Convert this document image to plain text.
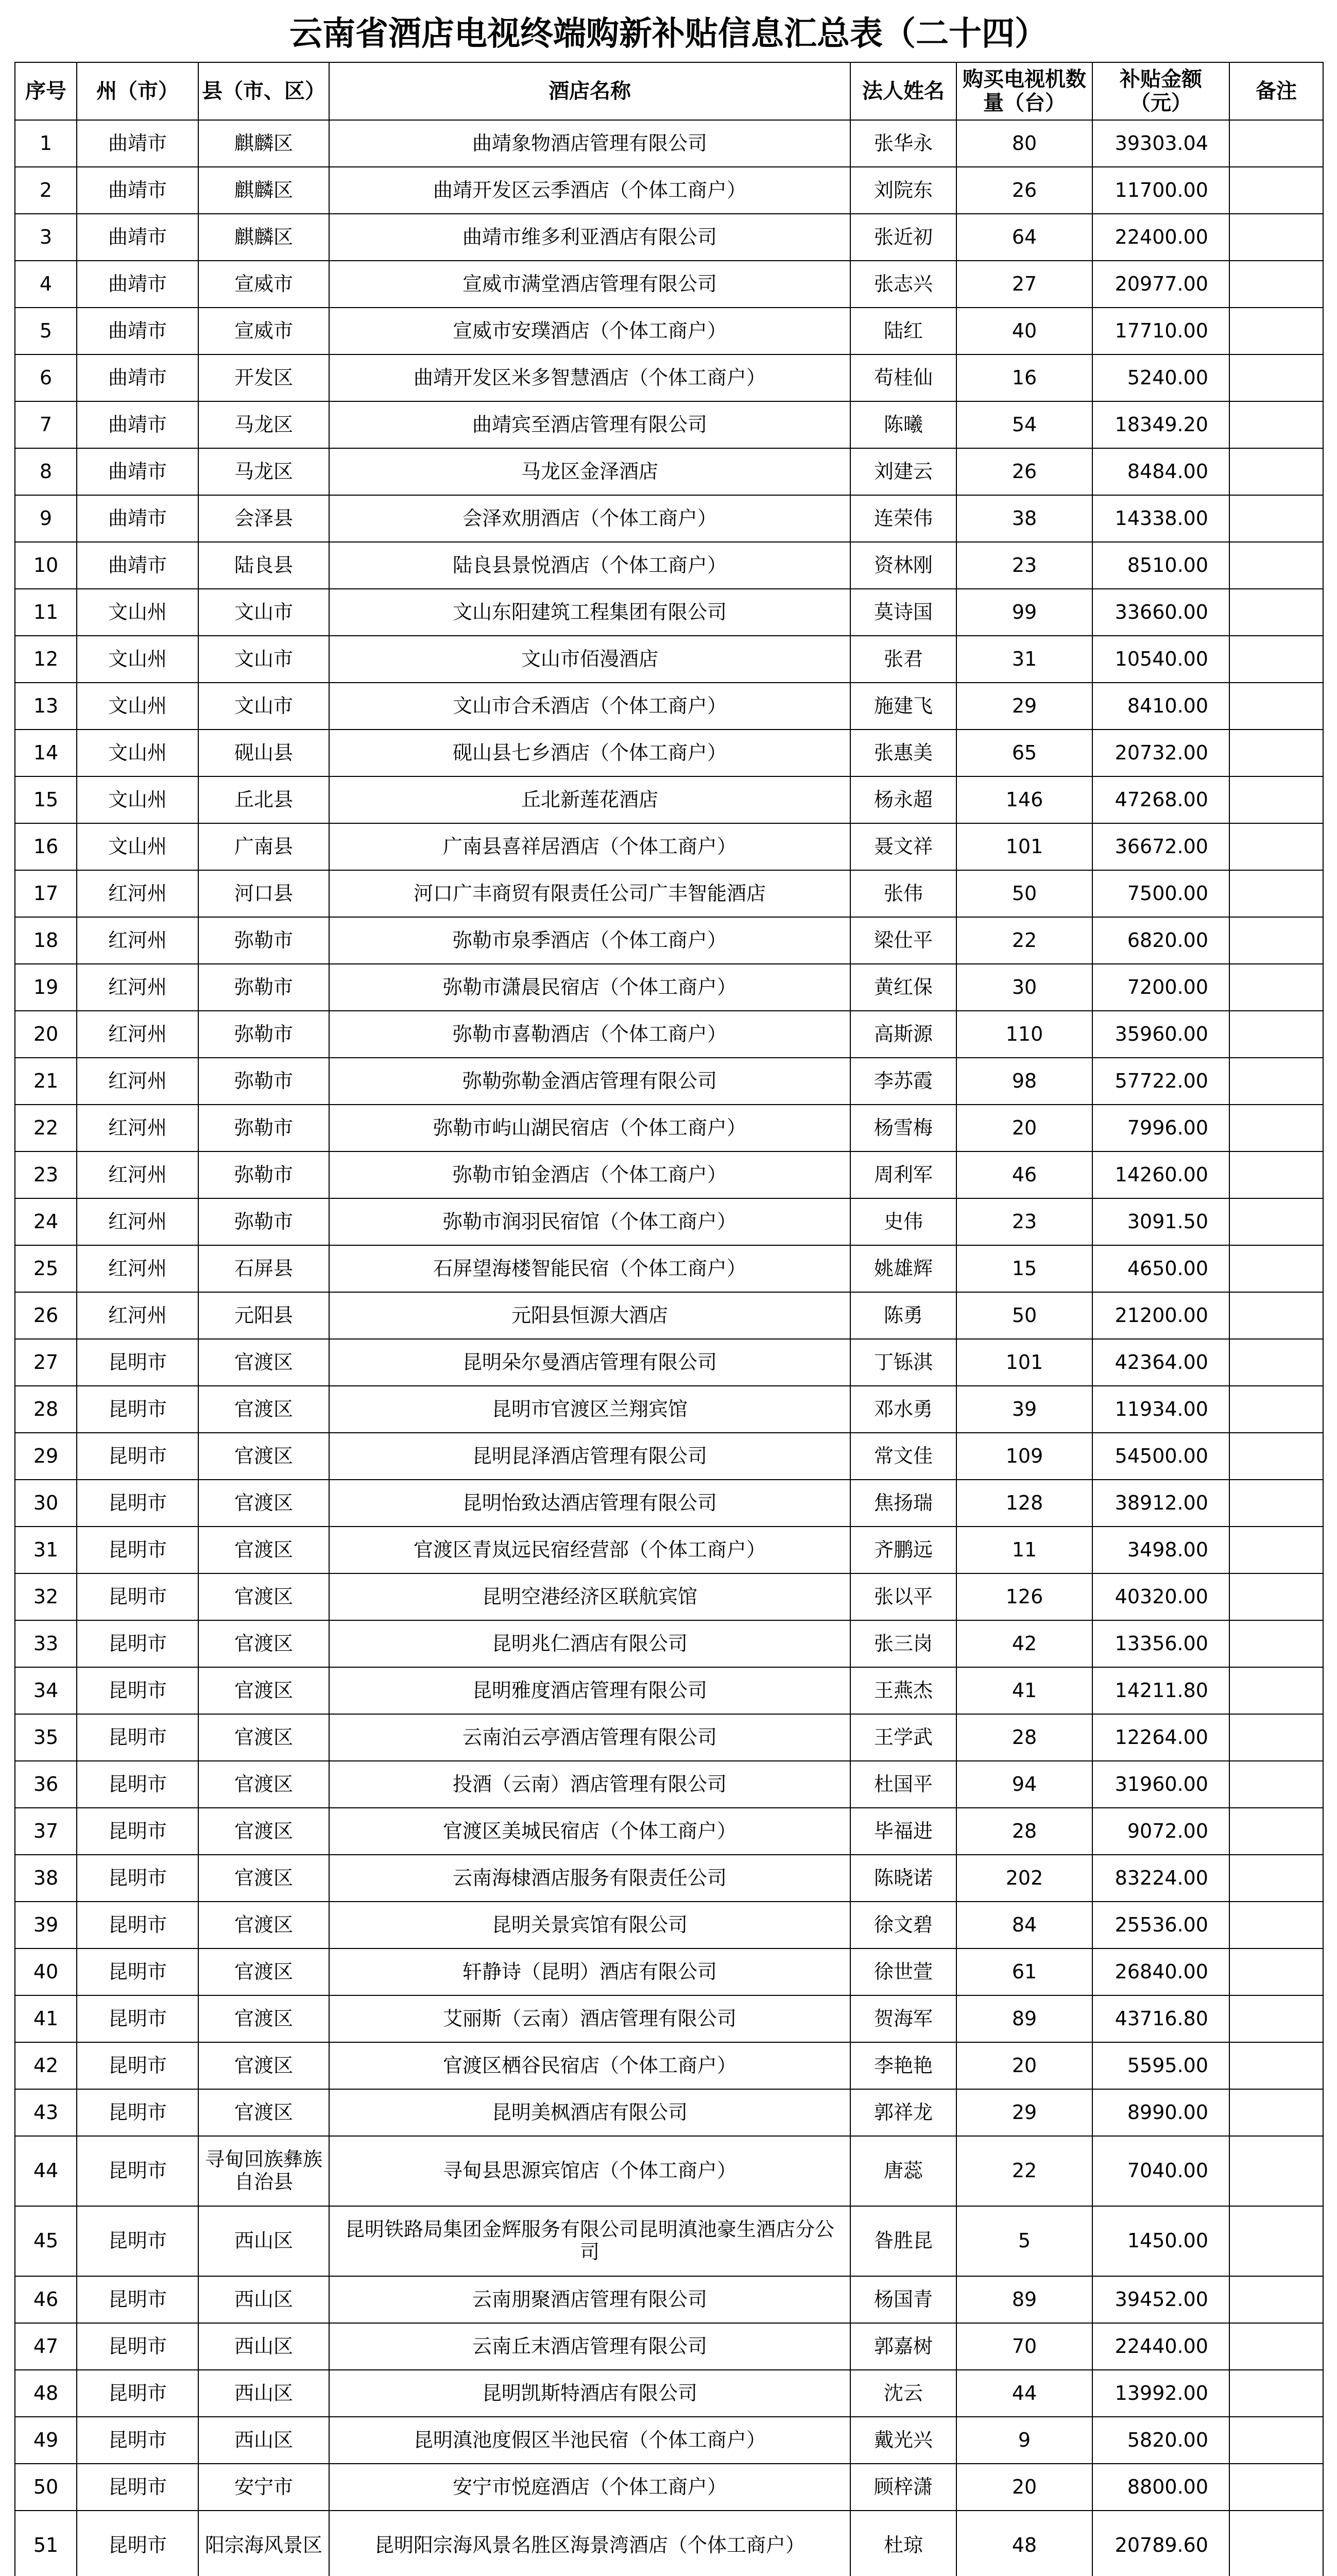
云南省酒店电视终端购新补贴信息汇总表（二十四）
序号	州（市）	县（市、区）	酒店名称	法人姓名	购买电视机数量（台）	补贴金额（元）	备注
1	曲靖市	麒麟区	曲靖象物酒店管理有限公司	张华永	80	39303.04	
2	曲靖市	麒麟区	曲靖开发区云季酒店（个体工商户）	刘院东	26	11700.00	
3	曲靖市	麒麟区	曲靖市维多利亚酒店有限公司	张近初	64	22400.00	
4	曲靖市	宣威市	宣威市满堂酒店管理有限公司	张志兴	27	20977.00	
5	曲靖市	宣威市	宣威市安璞酒店（个体工商户）	陆红	40	17710.00	
6	曲靖市	开发区	曲靖开发区米多智慧酒店（个体工商户）	苟桂仙	16	5240.00	
7	曲靖市	马龙区	曲靖宾至酒店管理有限公司	陈曦	54	18349.20	
8	曲靖市	马龙区	马龙区金泽酒店	刘建云	26	8484.00	
9	曲靖市	会泽县	会泽欢朋酒店（个体工商户）	连荣伟	38	14338.00	
10	曲靖市	陆良县	陆良县景悦酒店（个体工商户）	资林刚	23	8510.00	
11	文山州	文山市	文山东阳建筑工程集团有限公司	莫诗国	99	33660.00	
12	文山州	文山市	文山市佰漫酒店	张君	31	10540.00	
13	文山州	文山市	文山市合禾酒店（个体工商户）	施建飞	29	8410.00	
14	文山州	砚山县	砚山县七乡酒店（个体工商户）	张惠美	65	20732.00	
15	文山州	丘北县	丘北新莲花酒店	杨永超	146	47268.00	
16	文山州	广南县	广南县喜祥居酒店（个体工商户）	聂文祥	101	36672.00	
17	红河州	河口县	河口广丰商贸有限责任公司广丰智能酒店	张伟	50	7500.00	
18	红河州	弥勒市	弥勒市泉季酒店（个体工商户）	梁仕平	22	6820.00	
19	红河州	弥勒市	弥勒市潇晨民宿店（个体工商户）	黄红保	30	7200.00	
20	红河州	弥勒市	弥勒市喜勒酒店（个体工商户）	高斯源	110	35960.00	
21	红河州	弥勒市	弥勒弥勒金酒店管理有限公司	李苏霞	98	57722.00	
22	红河州	弥勒市	弥勒市屿山湖民宿店（个体工商户）	杨雪梅	20	7996.00	
23	红河州	弥勒市	弥勒市铂金酒店（个体工商户）	周利军	46	14260.00	
24	红河州	弥勒市	弥勒市润羽民宿馆（个体工商户）	史伟	23	3091.50	
25	红河州	石屏县	石屏望海楼智能民宿（个体工商户）	姚雄辉	15	4650.00	
26	红河州	元阳县	元阳县恒源大酒店	陈勇	50	21200.00	
27	昆明市	官渡区	昆明朵尔曼酒店管理有限公司	丁铄淇	101	42364.00	
28	昆明市	官渡区	昆明市官渡区兰翔宾馆	邓水勇	39	11934.00	
29	昆明市	官渡区	昆明昆泽酒店管理有限公司	常文佳	109	54500.00	
30	昆明市	官渡区	昆明怡致达酒店管理有限公司	焦扬瑞	128	38912.00	
31	昆明市	官渡区	官渡区青岚远民宿经营部（个体工商户）	齐鹏远	11	3498.00	
32	昆明市	官渡区	昆明空港经济区联航宾馆	张以平	126	40320.00	
33	昆明市	官渡区	昆明兆仁酒店有限公司	张三岗	42	13356.00	
34	昆明市	官渡区	昆明雅度酒店管理有限公司	王燕杰	41	14211.80	
35	昆明市	官渡区	云南泊云亭酒店管理有限公司	王学武	28	12264.00	
36	昆明市	官渡区	投酒（云南）酒店管理有限公司	杜国平	94	31960.00	
37	昆明市	官渡区	官渡区美城民宿店（个体工商户）	毕福进	28	9072.00	
38	昆明市	官渡区	云南海棣酒店服务有限责任公司	陈晓诺	202	83224.00	
39	昆明市	官渡区	昆明关景宾馆有限公司	徐文碧	84	25536.00	
40	昆明市	官渡区	轩静诗（昆明）酒店有限公司	徐世萱	61	26840.00	
41	昆明市	官渡区	艾丽斯（云南）酒店管理有限公司	贺海军	89	43716.80	
42	昆明市	官渡区	官渡区栖谷民宿店（个体工商户）	李艳艳	20	5595.00	
43	昆明市	官渡区	昆明美枫酒店有限公司	郭祥龙	29	8990.00	
44	昆明市	寻甸回族彝族自治县	寻甸县思源宾馆店（个体工商户）	唐蕊	22	7040.00	
45	昆明市	西山区	昆明铁路局集团金辉服务有限公司昆明滇池豪生酒店分公司	昝胜昆	5	1450.00	
46	昆明市	西山区	云南朋聚酒店管理有限公司	杨国青	89	39452.00	
47	昆明市	西山区	云南丘末酒店管理有限公司	郭嘉树	70	22440.00	
48	昆明市	西山区	昆明凯斯特酒店有限公司	沈云	44	13992.00	
49	昆明市	西山区	昆明滇池度假区半池民宿（个体工商户）	戴光兴	9	5820.00	
50	昆明市	安宁市	安宁市悦庭酒店（个体工商户）	顾梓潇	20	8800.00	
51	昆明市	阳宗海风景区	昆明阳宗海风景名胜区海景湾酒店（个体工商户）	杜琼	48	20789.60	
